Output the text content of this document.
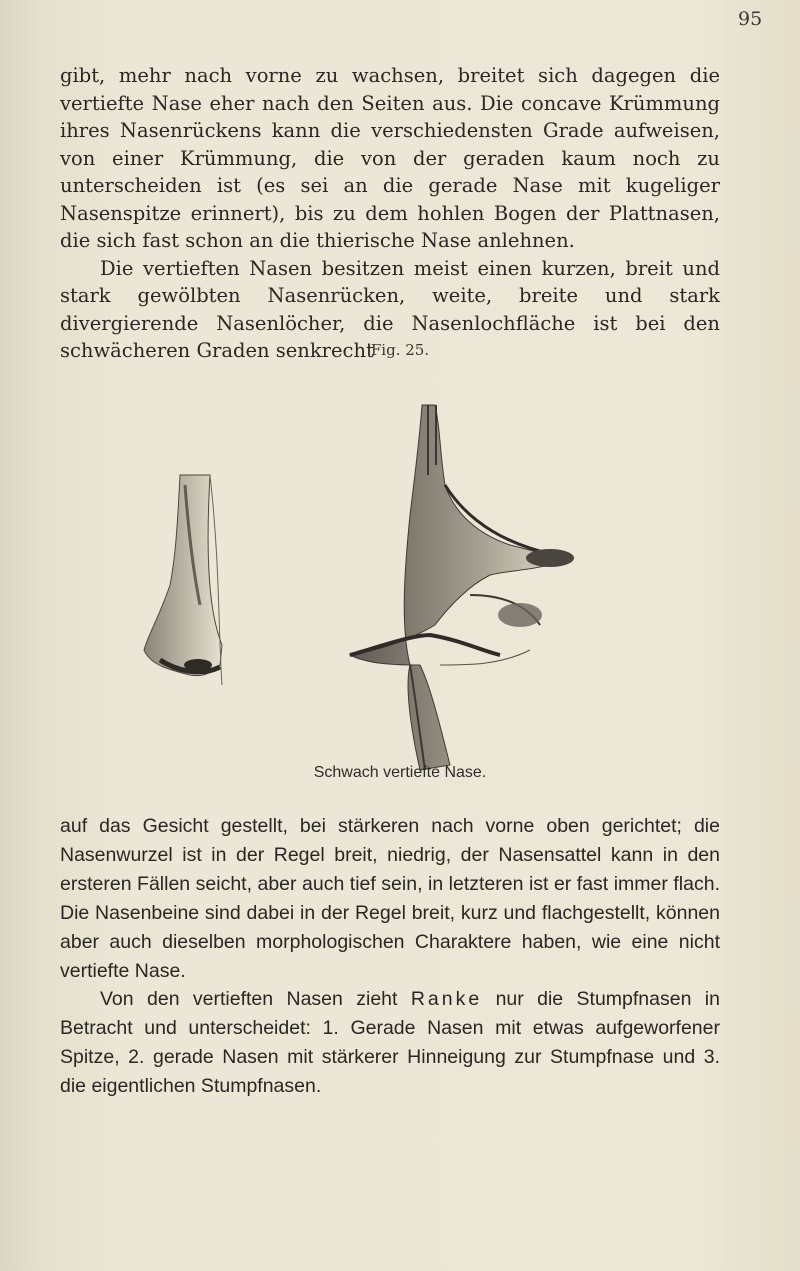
95

gibt, mehr nach vorne zu wachsen, breitet sich dagegen die vertiefte Nase eher nach den Seiten aus. Die concave Krümmung ihres Nasenrückens kann die verschiedensten Grade aufweisen, von einer Krümmung, die von der geraden kaum noch zu unterscheiden ist (es sei an die gerade Nase mit kugeliger Nasenspitze erinnert), bis zu dem hohlen Bogen der Plattnasen, die sich fast schon an die thierische Nase anlehnen.
Die vertieften Nasen besitzen meist einen kurzen, breit und stark gewölbten Nasenrücken, weite, breite und stark divergierende Nasenlöcher, die Nasenlochfläche ist bei den schwächeren Graden senkrecht

Fig. 25.
Schwach vertiefte Nase.

auf das Gesicht gestellt, bei stärkeren nach vorne oben gerichtet; die Nasenwurzel ist in der Regel breit, niedrig, der Nasensattel kann in den ersteren Fällen seicht, aber auch tief sein, in letzteren ist er fast immer flach. Die Nasenbeine sind dabei in der Regel breit, kurz und flachgestellt, können aber auch dieselben morphologischen Charaktere haben, wie eine nicht vertiefte Nase.

Von den vertieften Nasen zieht Ranke nur die Stumpfnasen in Betracht und unterscheidet: 1. Gerade Nasen mit etwas aufgeworfener Spitze, 2. gerade Nasen mit stärkerer Hinneigung zur Stumpfnase und 3. die eigentlichen Stumpfnasen.
